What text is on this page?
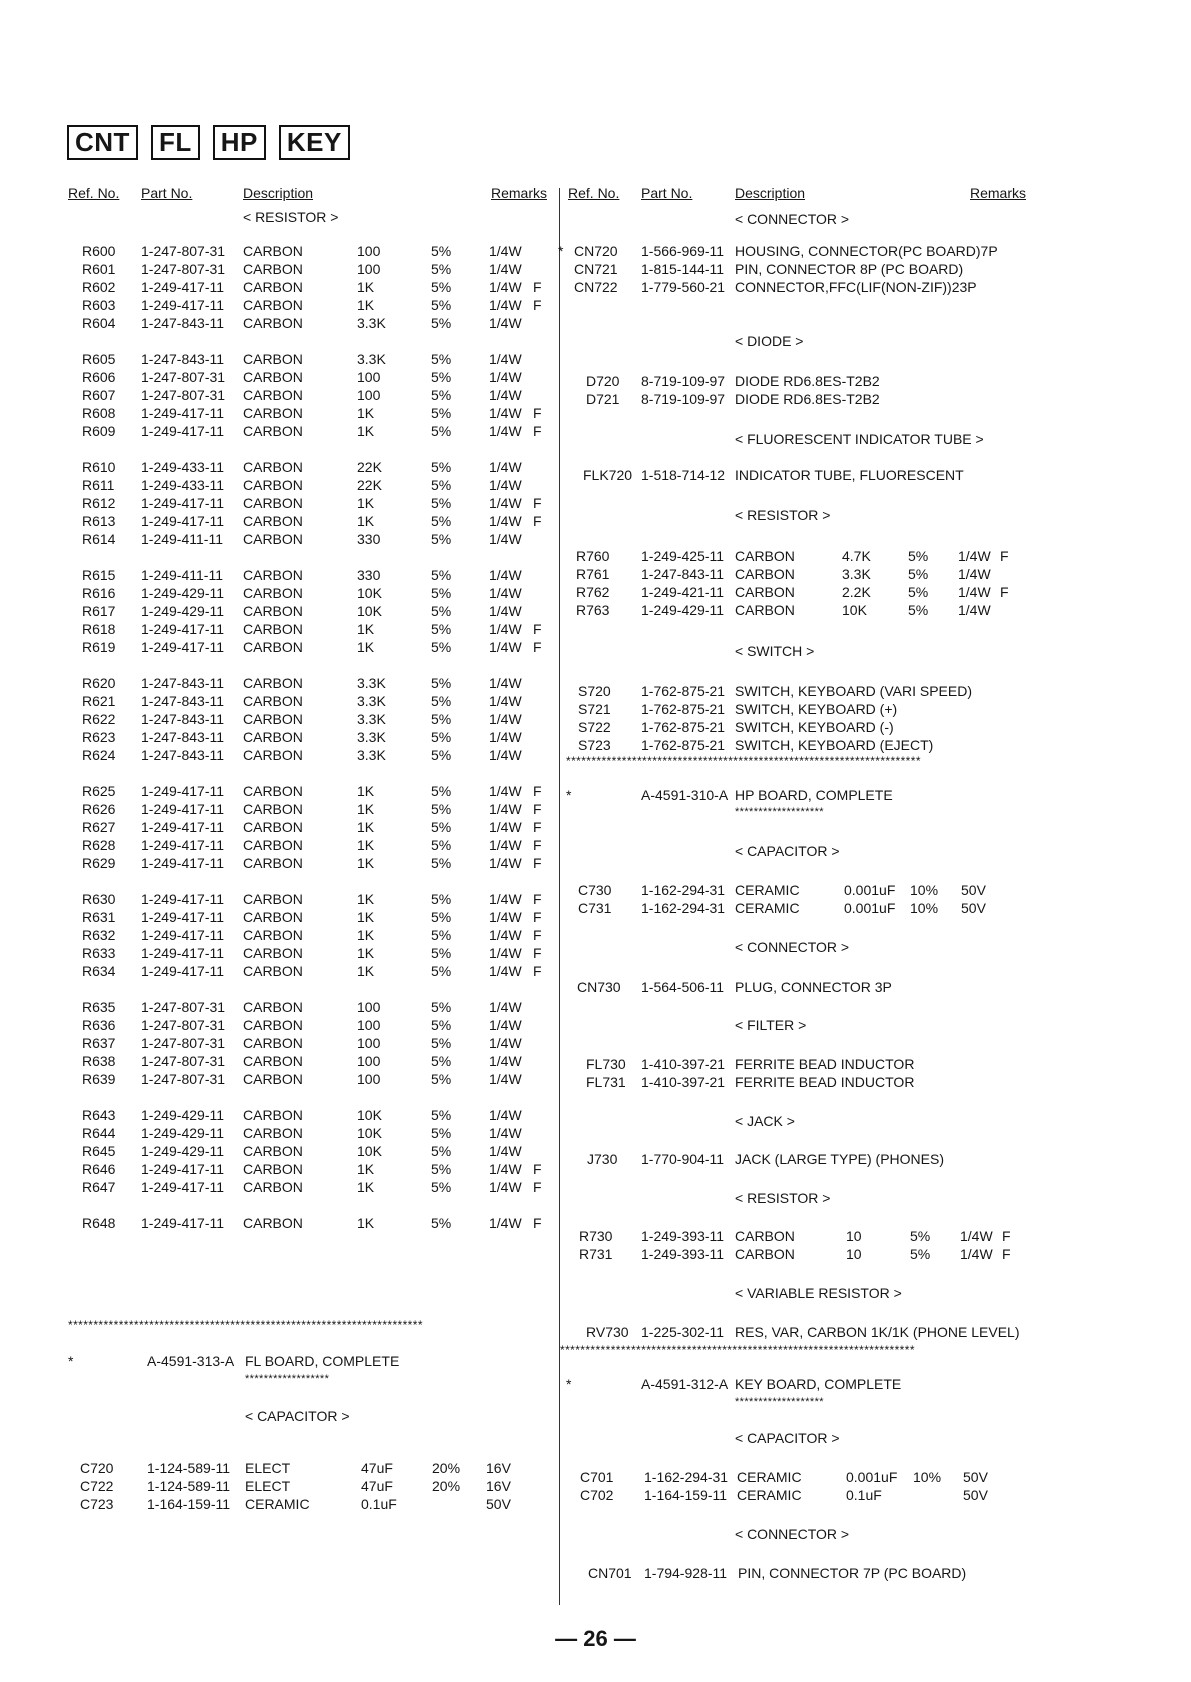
CNT	FL	HP	KEY
Ref. No. Part No.	Description	Remarks
< RESISTOR >
R600 1-247-807-31 CARBON	100	5%	1/4W
R601 1-247-807-31 CARBON	100	5%	1/4W
R602 1-249-417-11 CARBON	1K	5%	1/4W F
R603 1-249-417-11 CARBON	1K	5%	1/4W F
R604 1-247-843-11 CARBON	3.3K	5%	1/4W
R605 1-247-843-11 CARBON	3.3K	5%	1/4W
R606 1-247-807-31 CARBON	100	5%	1/4W
R607 1-247-807-31 CARBON	100	5%	1/4W
R608 1-249-417-11 CARBON	1K	5%	1/4W F
R609 1-249-417-11 CARBON	1K	5%	1/4W F
R610 1-249-433-11 CARBON	22K	5%	1/4W
R611 1-249-433-11 CARBON	22K	5%	1/4W
R612 1-249-417-11 CARBON	1K	5%	1/4W F
R613 1-249-417-11 CARBON	1K	5%	1/4W F
R614 1-249-411-11 CARBON	330	5%	1/4W
R615 1-249-411-11 CARBON	330	5%	1/4W
R616 1-249-429-11 CARBON	10K	5%	1/4W
R617 1-249-429-11 CARBON	10K	5%	1/4W
R618 1-249-417-11 CARBON	1K	5%	1/4W F
R619 1-249-417-11 CARBON	1K	5%	1/4W F
R620 1-247-843-11 CARBON	3.3K	5%	1/4W
R621 1-247-843-11 CARBON	3.3K	5%	1/4W
R622 1-247-843-11 CARBON	3.3K	5%	1/4W
R623 1-247-843-11 CARBON	3.3K	5%	1/4W
R624 1-247-843-11 CARBON	3.3K	5%	1/4W
R625 1-249-417-11 CARBON	1K	5%	1/4W F
R626 1-249-417-11 CARBON	1K	5%	1/4W F
R627 1-249-417-11 CARBON	1K	5%	1/4W F
R628 1-249-417-11 CARBON	1K	5%	1/4W F
R629 1-249-417-11 CARBON	1K	5%	1/4W F
R630 1-249-417-11 CARBON	1K	5%	1/4W F
R631 1-249-417-11 CARBON	1K	5%	1/4W F
R632 1-249-417-11 CARBON	1K	5%	1/4W F
R633 1-249-417-11 CARBON	1K	5%	1/4W F
R634 1-249-417-11 CARBON	1K	5%	1/4W F
R635 1-247-807-31 CARBON	100	5%	1/4W
R636 1-247-807-31 CARBON	100	5%	1/4W
R637 1-247-807-31 CARBON	100	5%	1/4W
R638 1-247-807-31 CARBON	100	5%	1/4W
R639 1-247-807-31 CARBON	100	5%	1/4W
R643 1-249-429-11 CARBON	10K	5%	1/4W
R644 1-249-429-11 CARBON	10K	5%	1/4W
R645 1-249-429-11 CARBON	10K	5%	1/4W
R646 1-249-417-11 CARBON	1K	5%	1/4W F
R647 1-249-417-11 CARBON	1K	5%	1/4W F
R648 1-249-417-11 CARBON	1K	5%	1/4W F
**********************************************************************
*	A-4591-313-A FL BOARD, COMPLETE
******************
< CAPACITOR >
C720 1-124-589-11 ELECT	47uF	20% 16V
C722 1-124-589-11 ELECT	47uF	20% 16V
C723 1-164-159-11 CERAMIC	0.1uF	50V
Ref. No. Part No.	Description	Remarks
< CONNECTOR >
* CN720 1-566-969-11 HOUSING, CONNECTOR(PC BOARD)7P
CN721 1-815-144-11 PIN, CONNECTOR 8P (PC BOARD)
CN722 1-779-560-21 CONNECTOR,FFC(LIF(NON-ZIF))23P
< DIODE >
D720 8-719-109-97 DIODE RD6.8ES-T2B2
D721 8-719-109-97 DIODE RD6.8ES-T2B2
< FLUORESCENT INDICATOR TUBE >
FLK720 1-518-714-12 INDICATOR TUBE, FLUORESCENT
< RESISTOR >
R760 1-249-425-11 CARBON	4.7K	5% 1/4W F
R761 1-247-843-11 CARBON	3.3K	5% 1/4W
R762 1-249-421-11 CARBON	2.2K	5% 1/4W F
R763 1-249-429-11 CARBON	10K	5% 1/4W
< SWITCH >
S720 1-762-875-21 SWITCH, KEYBOARD (VARI SPEED)
S721 1-762-875-21 SWITCH, KEYBOARD (+)
S722 1-762-875-21 SWITCH, KEYBOARD (-)
S723 1-762-875-21 SWITCH, KEYBOARD (EJECT)
**********************************************************************
*	A-4591-310-A HP BOARD, COMPLETE
*******************
< CAPACITOR >
C730 1-162-294-31 CERAMIC	0.001uF 10% 50V
C731 1-162-294-31 CERAMIC	0.001uF 10% 50V
< CONNECTOR >
CN730 1-564-506-11 PLUG, CONNECTOR 3P
< FILTER >
FL730 1-410-397-21 FERRITE BEAD INDUCTOR
FL731 1-410-397-21 FERRITE BEAD INDUCTOR
< JACK >
J730 1-770-904-11 JACK (LARGE TYPE) (PHONES)
< RESISTOR >
R730 1-249-393-11 CARBON	10	5% 1/4W F
R731 1-249-393-11 CARBON	10	5% 1/4W F
< VARIABLE RESISTOR >
RV730 1-225-302-11 RES, VAR, CARBON 1K/1K (PHONE LEVEL)
**********************************************************************
*	A-4591-312-A KEY BOARD, COMPLETE
*******************
< CAPACITOR >
C701 1-162-294-31 CERAMIC	0.001uF 10% 50V
C702 1-164-159-11 CERAMIC	0.1uF	50V
< CONNECTOR >
CN701 1-794-928-11 PIN, CONNECTOR 7P (PC BOARD)
— 26 —
